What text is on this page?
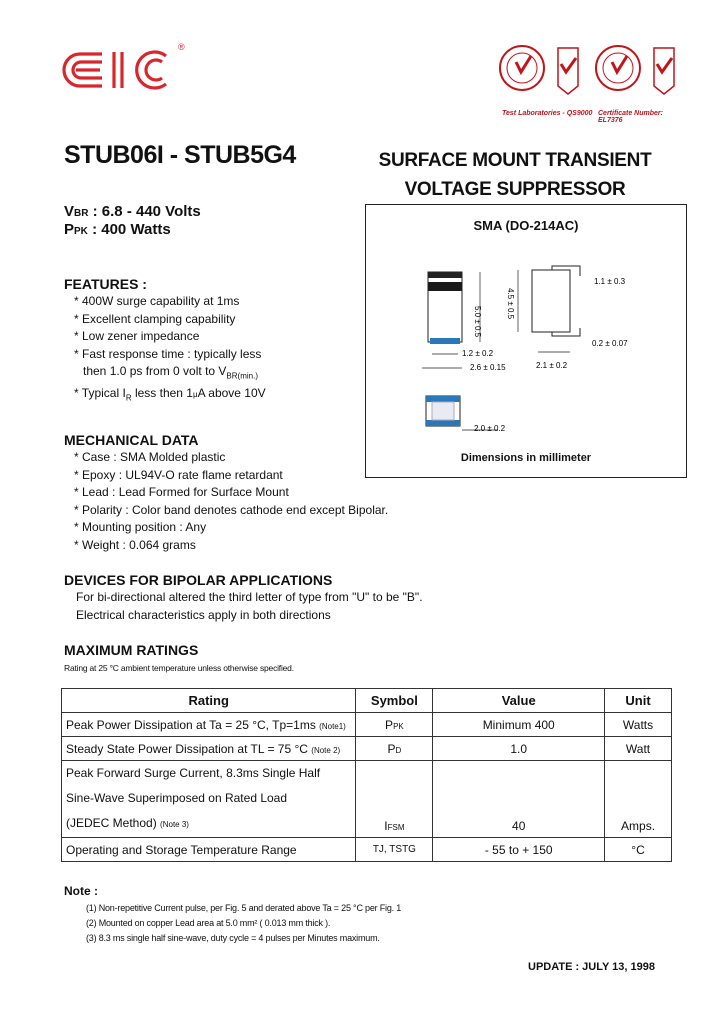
®
Test Laboratories - QS9000 Certificate Number: EL7376
STUB06I - STUB5G4	SURFACE MOUNT TRANSIENT
VOLTAGE SUPPRESSOR
VBR : 6.8 - 440 Volts
PPK : 400 Watts	SMA (DO-214AC)
5.0 ± 0.5
1.2 ± 0.2
2.6 ± 0.15
4.5 ± 0.5
1.1 ± 0.3
0.2 ± 0.07
2.1 ± 0.2
2.0 ± 0.2
Dimensions in millimeter
FEATURES :
* 400W surge capability at 1ms
* Excellent clamping capability
* Low zener impedance
* Fast response time : typically less
then 1.0 ps from 0 volt to $V_{BR(min.)}$
* Typical $I_R$ less then 1μA above 10V
MECHANICAL DATA
* Case : SMA Molded plastic
* Epoxy : UL94V-O rate flame retardant
* Lead : Lead Formed for Surface Mount
* Polarity : Color band denotes cathode end except Bipolar.
* Mounting position : Any
* Weight : 0.064 grams
DEVICES FOR BIPOLAR APPLICATIONS
For bi-directional altered the third letter of type from "U" to be "B".
Electrical characteristics apply in both directions
MAXIMUM RATINGS
Rating at 25 °C ambient temperature unless otherwise specified.
Rating	Symbol	Value	Unit
Peak Power Dissipation at Ta = 25 °C, Tp=1ms (Note1)	PPK	Minimum 400	Watts
Steady State Power Dissipation at TL = 75 °C (Note 2)	PD	1.0	Watt

Peak Forward Surge Current, 8.3ms Single Half
Sine-Wave Superimposed on Rated Load
(JEDEC Method) (Note 3)	IFSM	40	Amps.
Operating and Storage Temperature Range	TJ, TSTG	- 55 to + 150	°C
Note :
(1) Non-repetitive Current pulse, per Fig. 5 and derated above Ta = 25 °C per Fig. 1
(2) Mounted on copper Lead area at 5.0 mm² ( 0.013 mm thick ).
(3) 8.3 ms single half sine-wave, duty cycle = 4 pulses per Minutes maximum.
UPDATE : JULY 13, 1998
